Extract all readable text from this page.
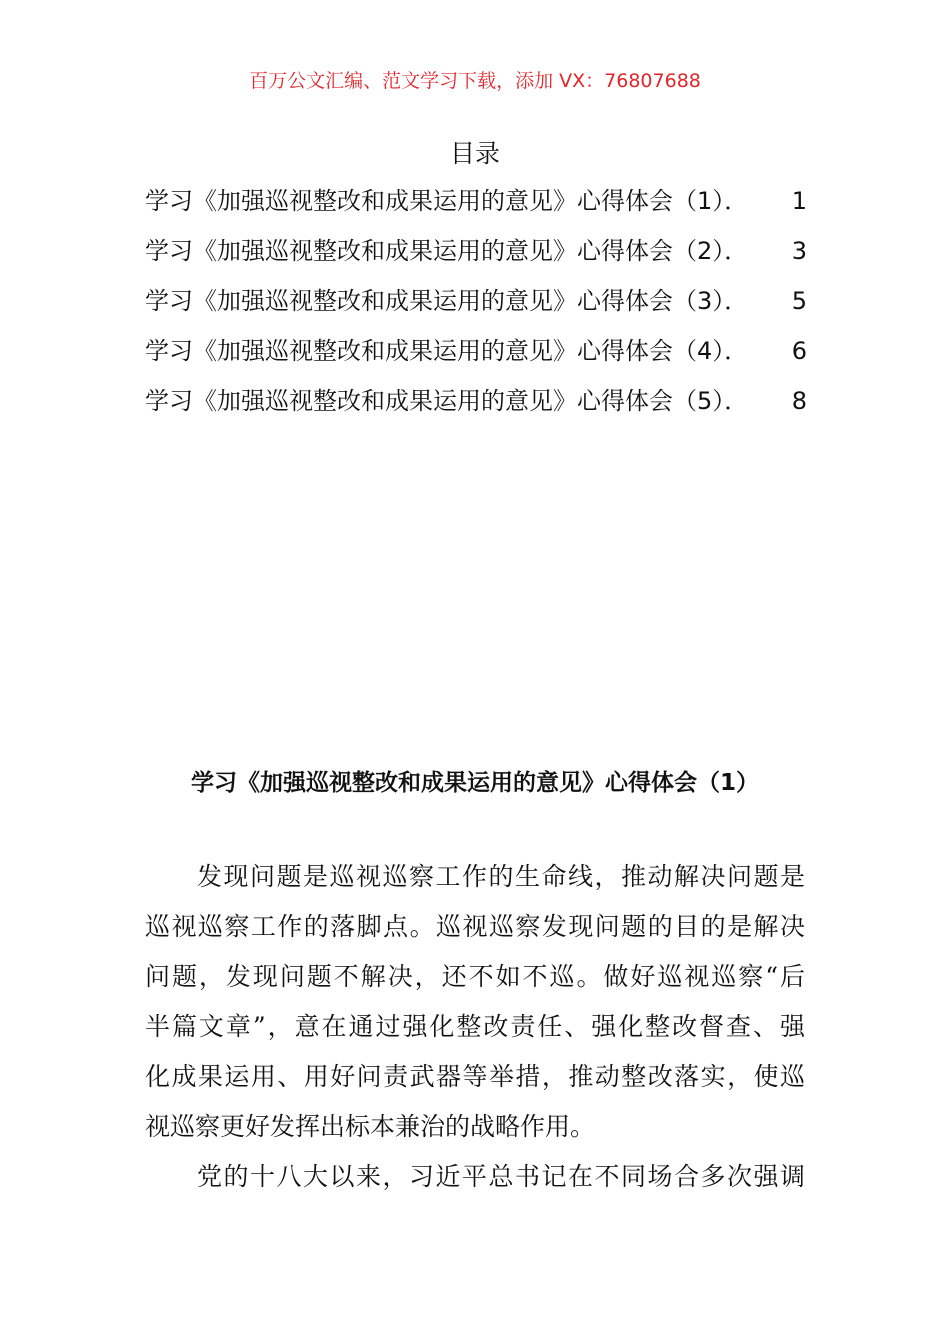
百万公文汇编、范文学习下载，添加 VX：76807688
目录
学习《加强巡视整改和成果运用的意见》心得体会（1）．	1
学习《加强巡视整改和成果运用的意见》心得体会（2）．	3
学习《加强巡视整改和成果运用的意见》心得体会（3）．	5
学习《加强巡视整改和成果运用的意见》心得体会（4）．	6
学习《加强巡视整改和成果运用的意见》心得体会（5）．	8
学习《加强巡视整改和成果运用的意见》心得体会（1）
发现问题是巡视巡察工作的生命线，推动解决问题是
巡视巡察工作的落脚点。巡视巡察发现问题的目的是解决
问题，发现问题不解决，还不如不巡。做好巡视巡察“后
半篇文章”，意在通过强化整改责任、强化整改督查、强
化成果运用、用好问责武器等举措，推动整改落实，使巡
视巡察更好发挥出标本兼治的战略作用。
党的十八大以来，习近平总书记在不同场合多次强调
